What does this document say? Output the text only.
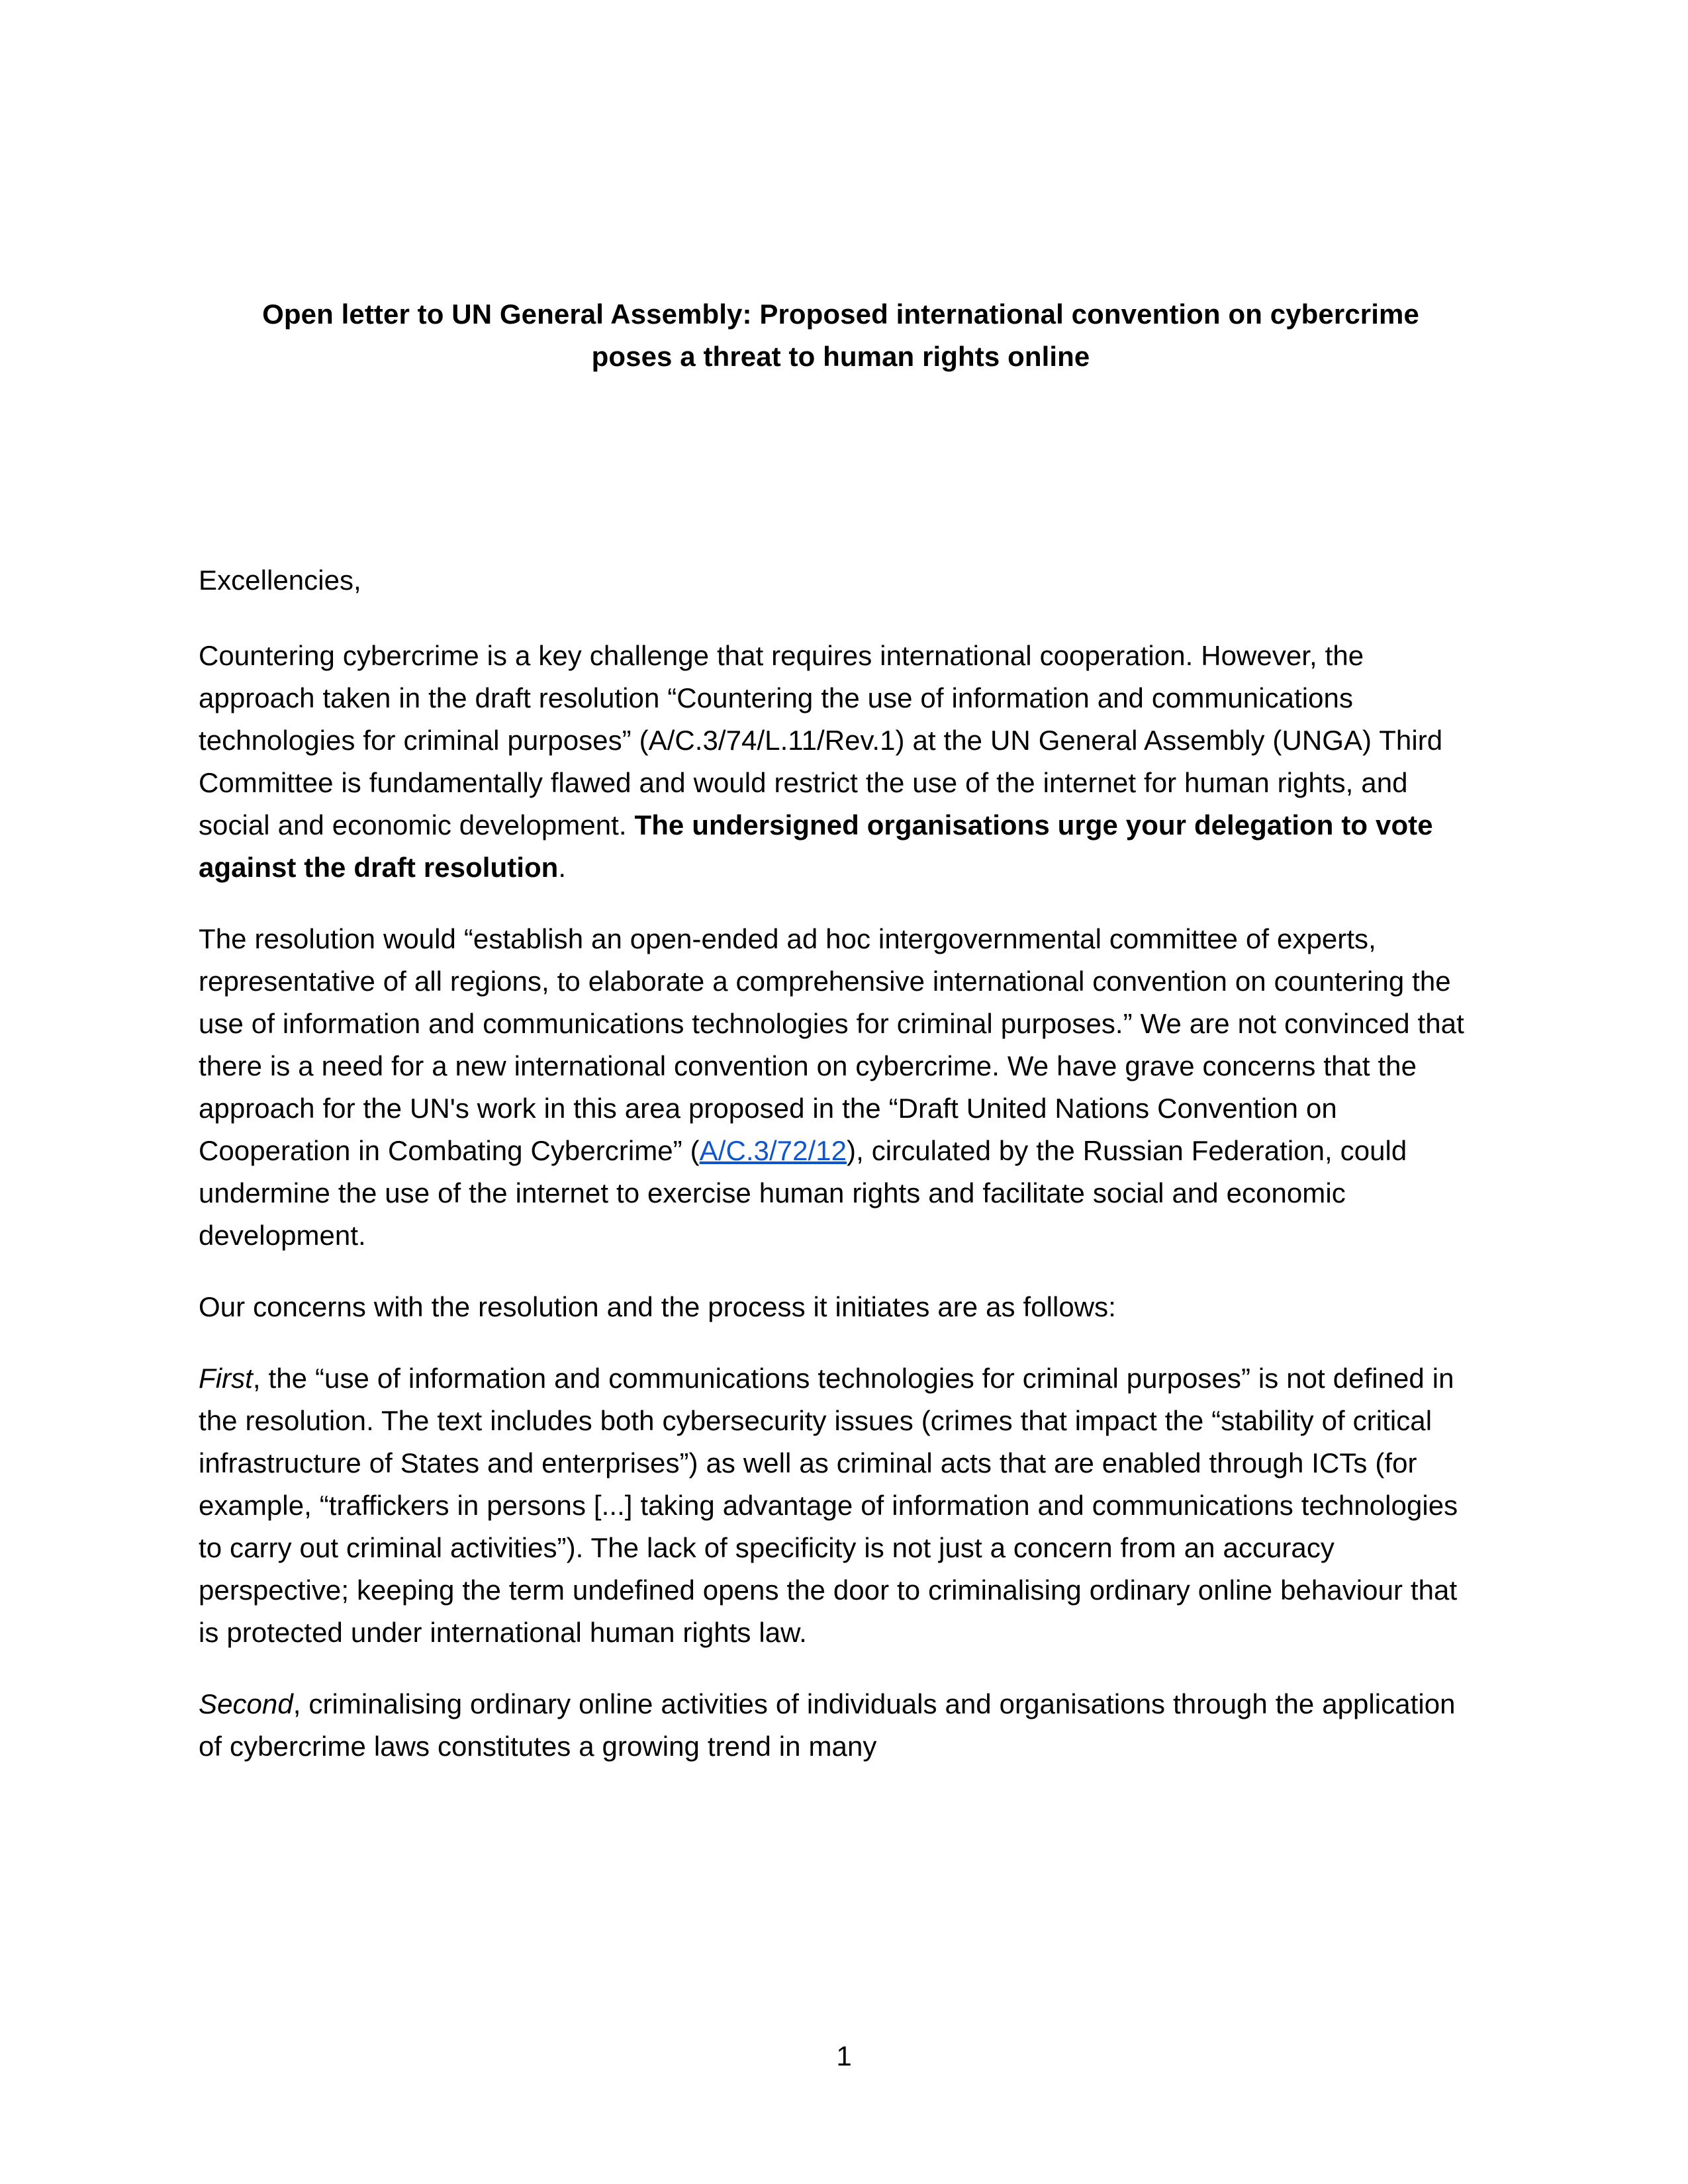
Open letter to UN General Assembly: Proposed international convention on cybercrime poses a threat to human rights online

Excellencies,

Countering cybercrime is a key challenge that requires international cooperation. However, the approach taken in the draft resolution “Countering the use of information and communications technologies for criminal purposes” (A/C.3/74/L.11/Rev.1) at the UN General Assembly (UNGA) Third Committee is fundamentally flawed and would restrict the use of the internet for human rights, and social and economic development. The undersigned organisations urge your delegation to vote against the draft resolution.

The resolution would “establish an open-ended ad hoc intergovernmental committee of experts, representative of all regions, to elaborate a comprehensive international convention on countering the use of information and communications technologies for criminal purposes.” We are not convinced that there is a need for a new international convention on cybercrime. We have grave concerns that the approach for the UN's work in this area proposed in the “Draft United Nations Convention on Cooperation in Combating Cybercrime” (A/C.3/72/12), circulated by the Russian Federation, could undermine the use of the internet to exercise human rights and facilitate social and economic development.

Our concerns with the resolution and the process it initiates are as follows:

First, the “use of information and communications technologies for criminal purposes” is not defined in the resolution. The text includes both cybersecurity issues (crimes that impact the “stability of critical infrastructure of States and enterprises”) as well as criminal acts that are enabled through ICTs (for example, “traffickers in persons [...] taking advantage of information and communications technologies to carry out criminal activities”). The lack of specificity is not just a concern from an accuracy perspective; keeping the term undefined opens the door to criminalising ordinary online behaviour that is protected under international human rights law.

Second, criminalising ordinary online activities of individuals and organisations through the application of cybercrime laws constitutes a growing trend in many

1
